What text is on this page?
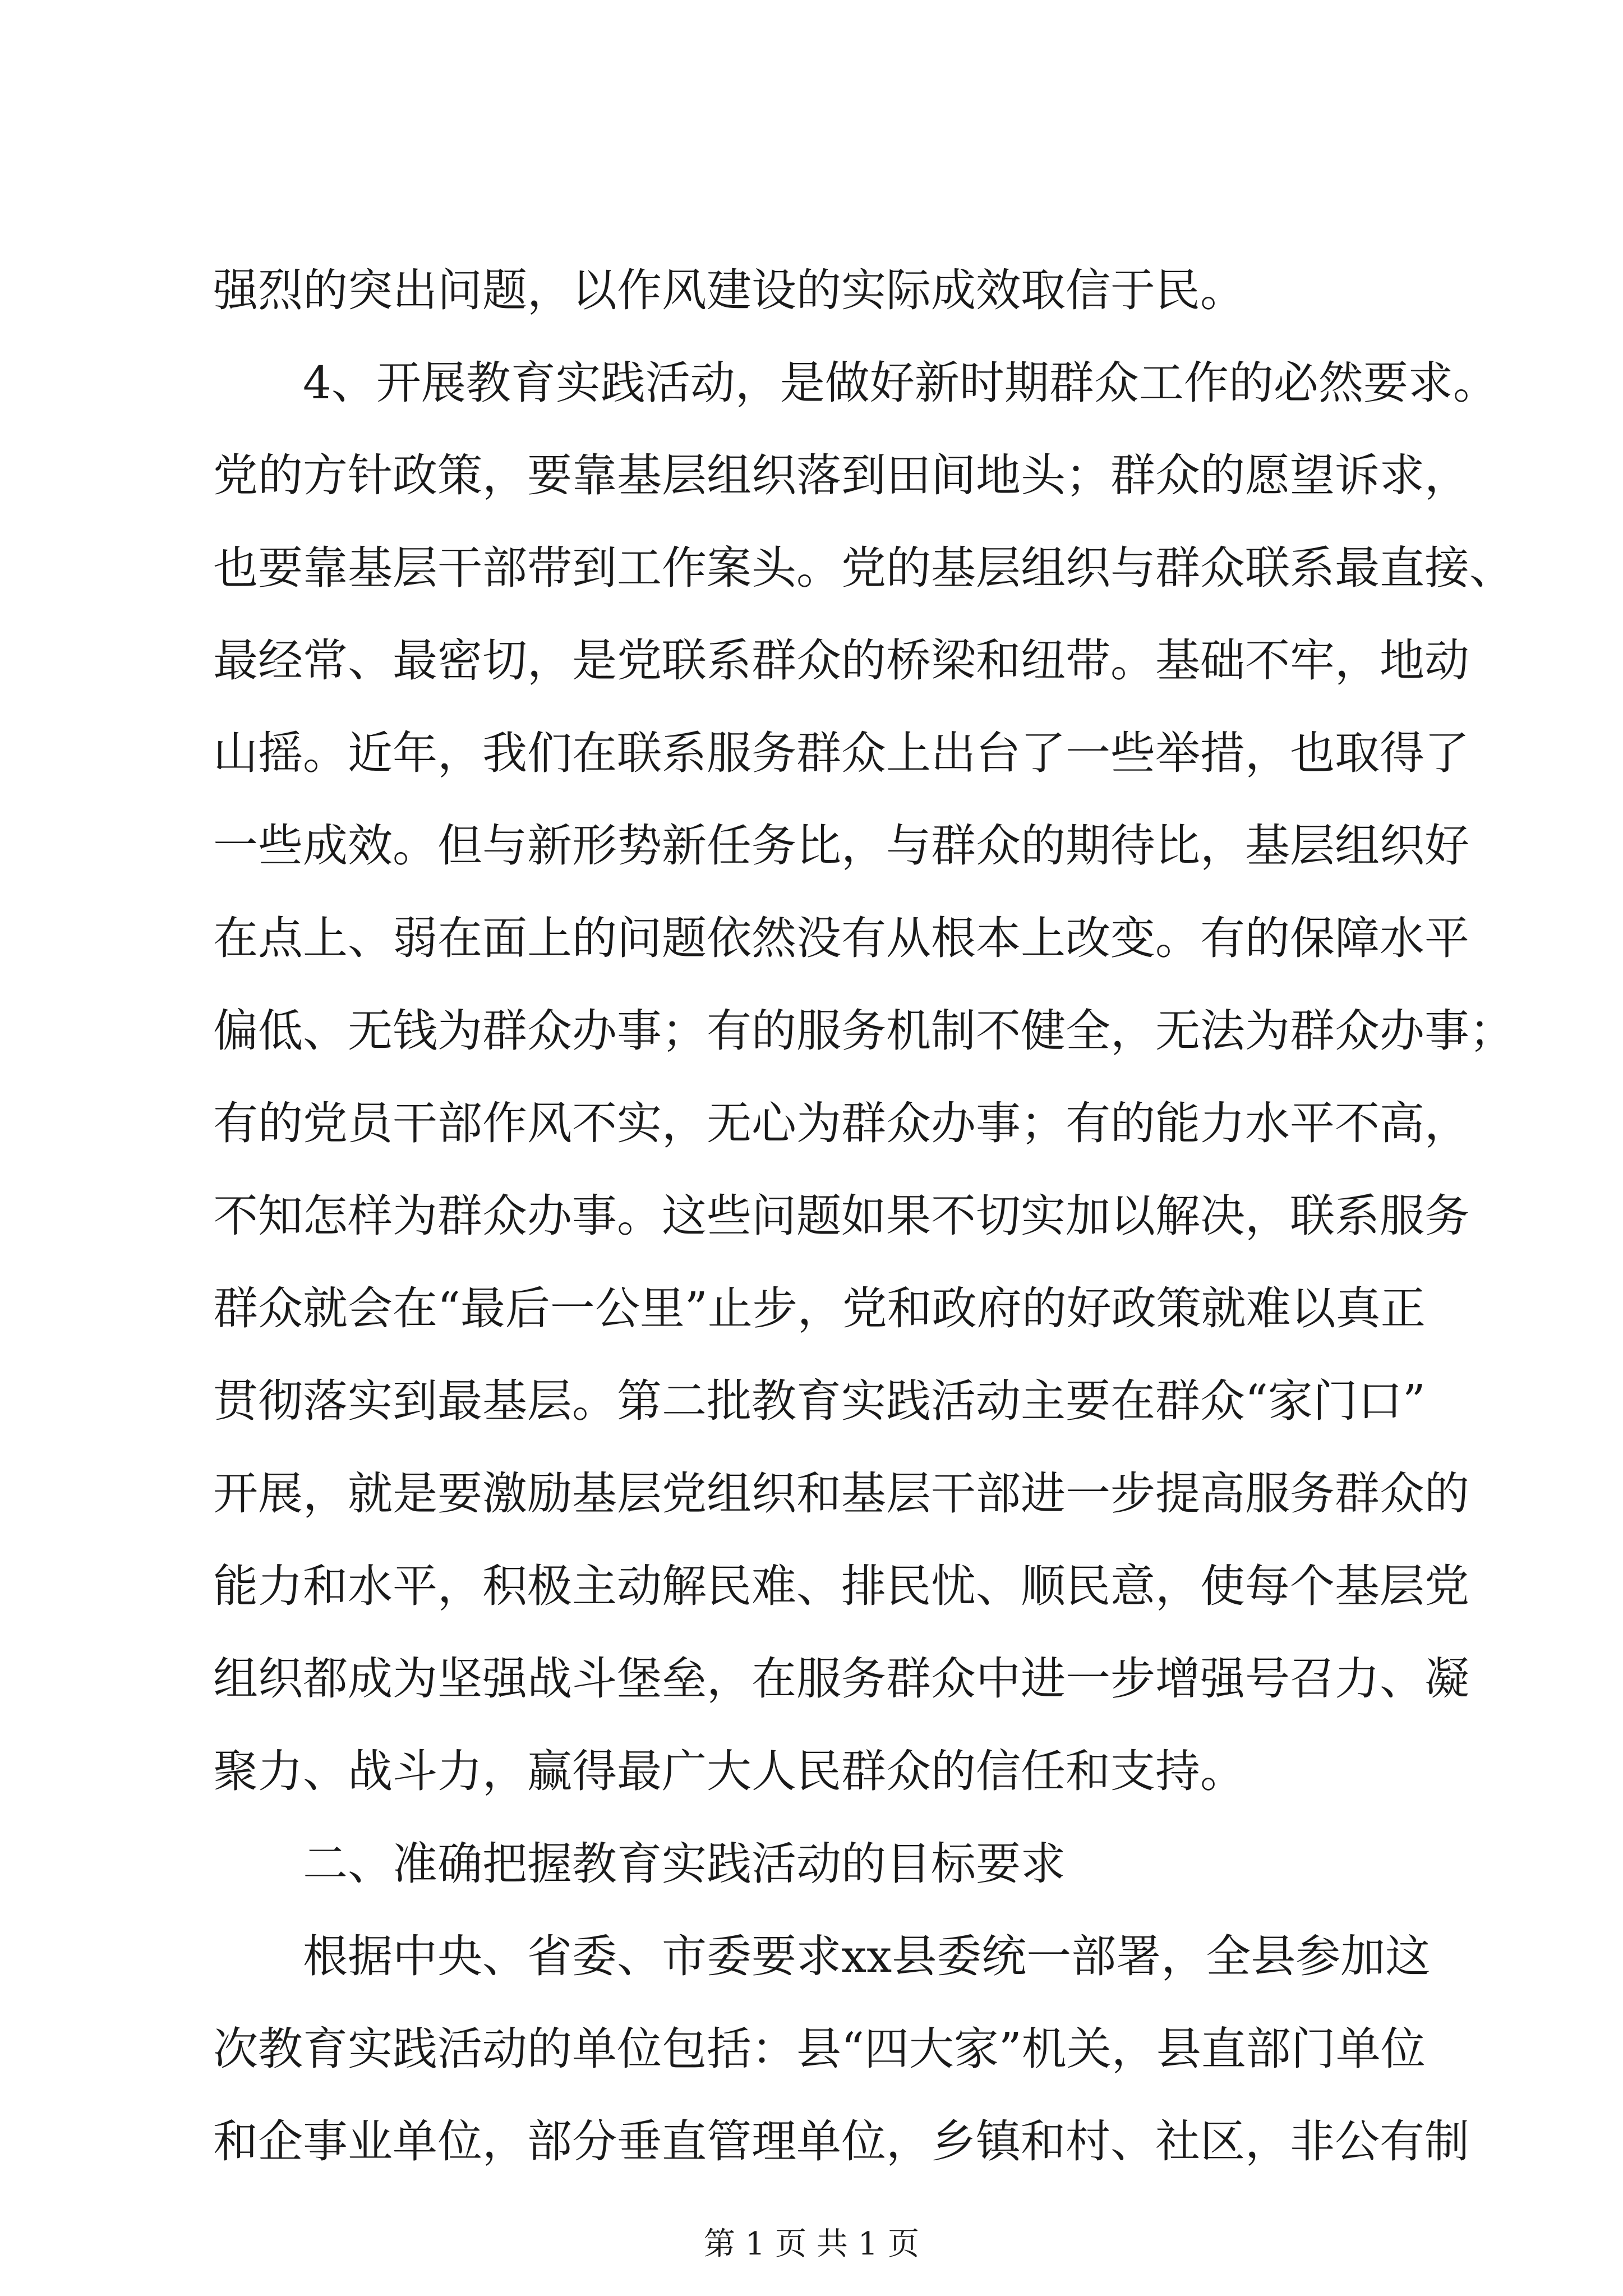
强烈的突出问题，以作风建设的实际成效取信于民。
4、开展教育实践活动，是做好新时期群众工作的必然要求。
党的方针政策，要靠基层组织落到田间地头；群众的愿望诉求，
也要靠基层干部带到工作案头。党的基层组织与群众联系最直接、
最经常、最密切，是党联系群众的桥梁和纽带。基础不牢，地动
山摇。近年，我们在联系服务群众上出台了一些举措，也取得了
一些成效。但与新形势新任务比，与群众的期待比，基层组织好
在点上、弱在面上的问题依然没有从根本上改变。有的保障水平
偏低、无钱为群众办事；有的服务机制不健全，无法为群众办事；
有的党员干部作风不实，无心为群众办事；有的能力水平不高，
不知怎样为群众办事。这些问题如果不切实加以解决，联系服务
群众就会在“最后一公里”止步，党和政府的好政策就难以真正
贯彻落实到最基层。第二批教育实践活动主要在群众“家门口”
开展，就是要激励基层党组织和基层干部进一步提高服务群众的
能力和水平，积极主动解民难、排民忧、顺民意，使每个基层党
组织都成为坚强战斗堡垒，在服务群众中进一步增强号召力、凝
聚力、战斗力，赢得最广大人民群众的信任和支持。
二、准确把握教育实践活动的目标要求
根据中央、省委、市委要求xx县委统一部署，全县参加这
次教育实践活动的单位包括：县“四大家”机关，县直部门单位
和企事业单位，部分垂直管理单位，乡镇和村、社区，非公有制
第 1 页 共 1 页
